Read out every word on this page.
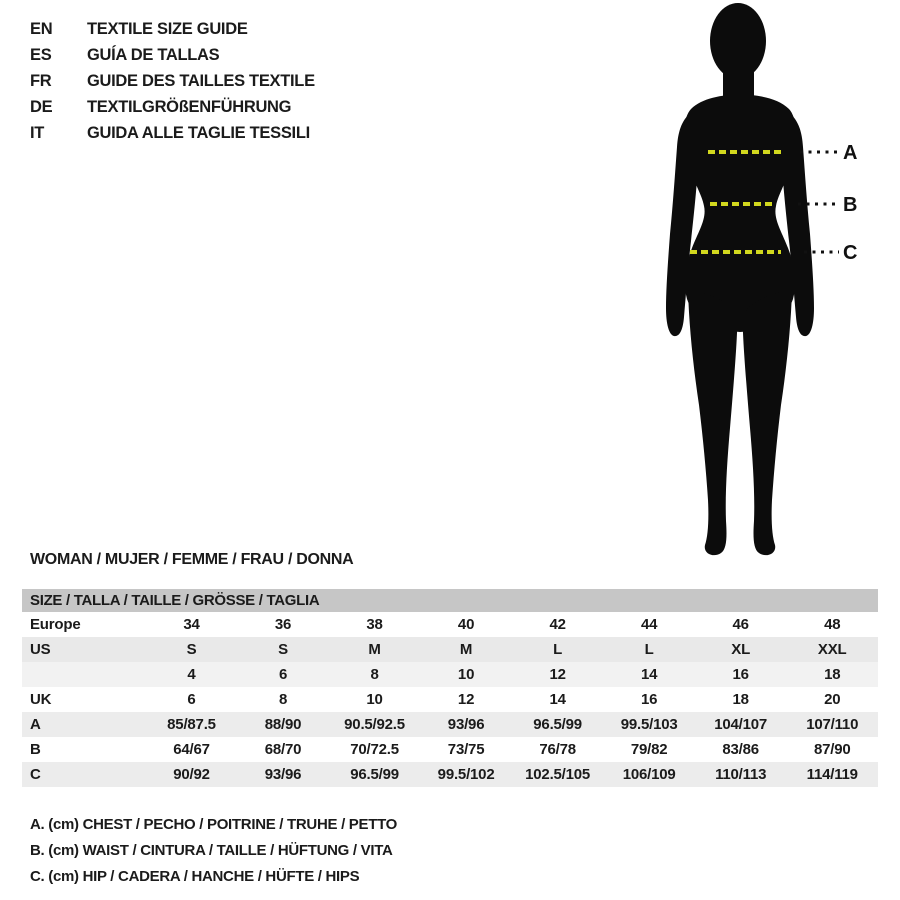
EN TEXTILE SIZE GUIDE
ES GUÍA DE TALLAS
FR GUIDE DES TAILLES TEXTILE
DE TEXTILGRÖßENFÜHRUNG
IT	GUIDA ALLE TAGLIE TESSILI
A
B
C
WOMAN / MUJER / FEMME / FRAU / DONNA
SIZE / TALLA / TAILLE / GRÖSSE / TAGLIA								
Europe	34	36	38	40	42	44	46	48
US	S	S	M	M	L	L	XL	XXL
	4	6	8	10	12	14	16	18
UK	6	8	10	12	14	16	18	20
A	85/87.5	88/90	90.5/92.5	93/96	96.5/99	99.5/103	104/107	107/110
B	64/67	68/70	70/72.5	73/75	76/78	79/82	83/86	87/90
C	90/92	93/96	96.5/99	99.5/102	102.5/105	106/109	110/113	114/119
A. (cm) CHEST / PECHO / POITRINE / TRUHE / PETTO
B. (cm) WAIST / CINTURA / TAILLE / HÜFTUNG / VITA
C. (cm) HIP / CADERA / HANCHE / HÜFTE / HIPS
